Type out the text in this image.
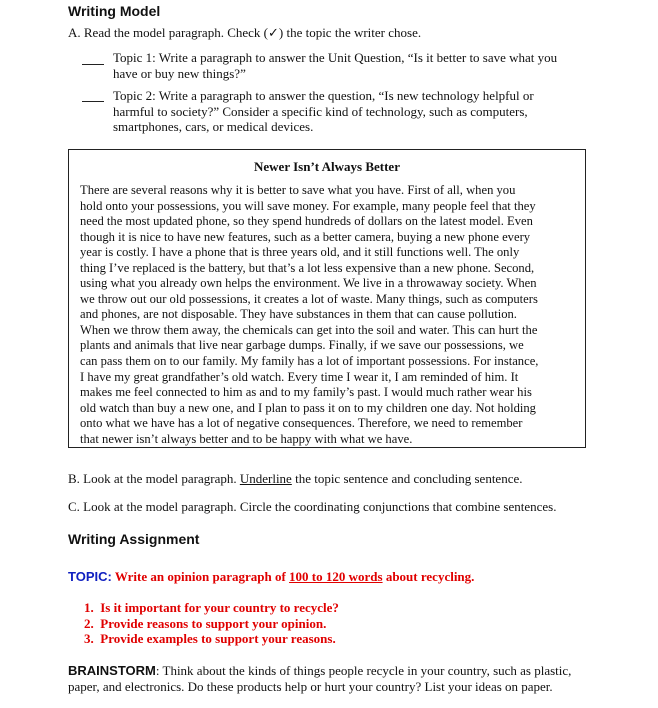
Writing Model
A. Read the model paragraph. Check (✓) the topic the writer chose.
Topic 1: Write a paragraph to answer the Unit Question, “Is it better to save what you
have or buy new things?”
Topic 2: Write a paragraph to answer the question, “Is new technology helpful or
harmful to society?” Consider a specific kind of technology, such as computers,
smartphones, cars, or medical devices.
Newer Isn’t Always Better
There are several reasons why it is better to save what you have. First of all, when you
hold onto your possessions, you will save money. For example, many people feel that they
need the most updated phone, so they spend hundreds of dollars on the latest model. Even
though it is nice to have new features, such as a better camera, buying a new phone every
year is costly. I have a phone that is three years old, and it still functions well. The only
thing I’ve replaced is the battery, but that’s a lot less expensive than a new phone. Second,
using what you already own helps the environment. We live in a throwaway society. When
we throw out our old possessions, it creates a lot of waste. Many things, such as computers
and phones, are not disposable. They have substances in them that can cause pollution.
When we throw them away, the chemicals can get into the soil and water. This can hurt the
plants and animals that live near garbage dumps. Finally, if we save our possessions, we
can pass them on to our family. My family has a lot of important possessions. For instance,
I have my great grandfather’s old watch. Every time I wear it, I am reminded of him. It
makes me feel connected to him as and to my family’s past. I would much rather wear his
old watch than buy a new one, and I plan to pass it on to my children one day. Not holding
onto what we have has a lot of negative consequences. Therefore, we need to remember
that newer isn’t always better and to be happy with what we have.
B. Look at the model paragraph. Underline the topic sentence and concluding sentence.
C. Look at the model paragraph. Circle the coordinating conjunctions that combine sentences.
Writing Assignment
TOPIC: Write an opinion paragraph of 100 to 120 words about recycling.
1. Is it important for your country to recycle?
2. Provide reasons to support your opinion.
3. Provide examples to support your reasons.
BRAINSTORM: Think about the kinds of things people recycle in your country, such as plastic,
paper, and electronics. Do these products help or hurt your country? List your ideas on paper.
